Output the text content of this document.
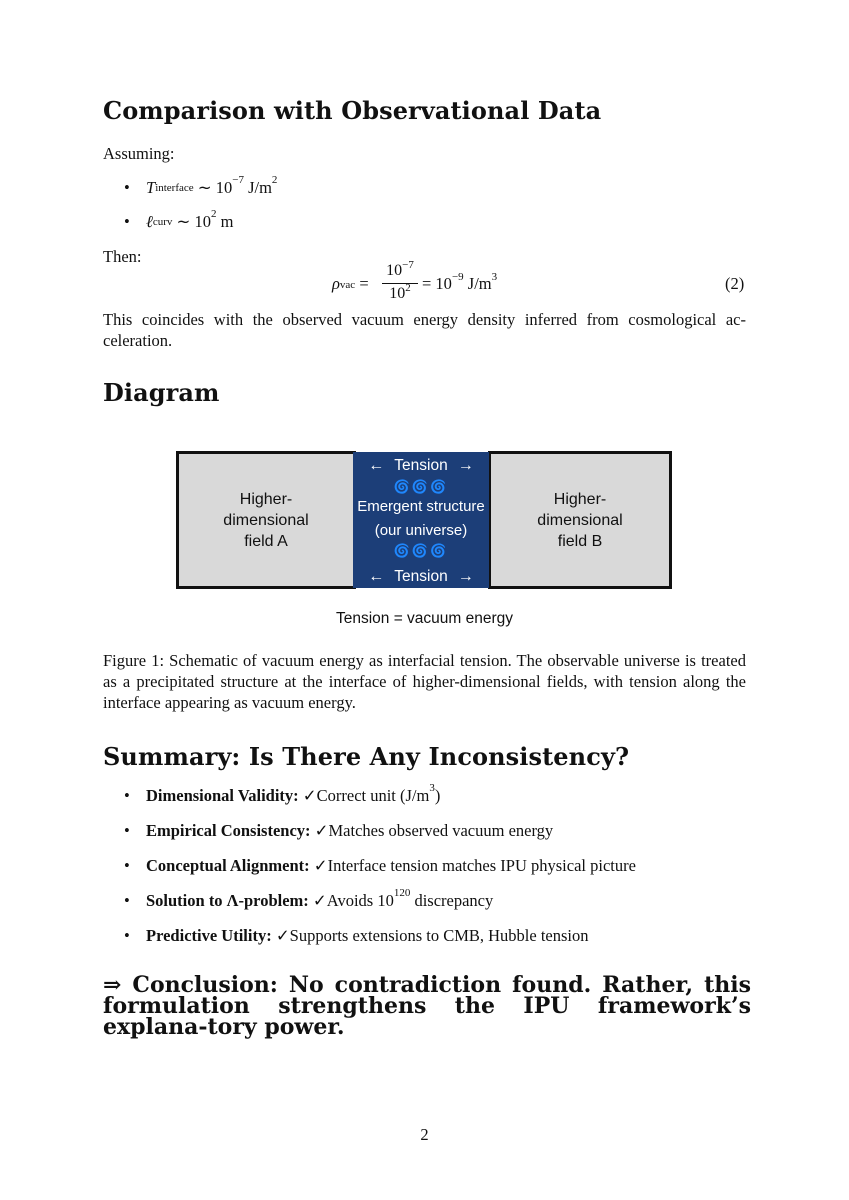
Comparison with Observational Data

Assuming:

• $T_{interface}$ ∼ $10^{-7}$ $J/m^2$
• ℓ$_{curv}$ ∼ $10^2$ m

Then:

$\rho_{vac}$ =
$10^{-7}$
$10^2 = 10^{-9}$ $J/m^3$	(2)

This coincides with the observed vacuum energy density inferred from cosmological ac-celeration.

Diagram
Higher-
dimensional
field A
Higher-
dimensional
field B
← Tension →
🌀🌀🌀
Emergent structure
(our universe)
🌀🌀🌀
← Tension →
Tension = vacuum energy

Figure 1: Schematic of vacuum energy as interfacial tension. The observable universe is treated as a precipitated structure at the interface of higher-dimensional fields, with tension along the interface appearing as vacuum energy.

Summary: Is There Any Inconsistency?
• Dimensional Validity: ✓Correct unit $(J/m^3)$
• Empirical Consistency: ✓Matches observed vacuum energy
• Conceptual Alignment: ✓Interface tension matches IPU physical picture
• Solution to Λ-problem: ✓Avoids $10^{120}$ discrepancy
• Predictive Utility: ✓Supports extensions to CMB, Hubble tension

⇒ Conclusion: No contradiction found. Rather, this formulation strengthens the IPU framework’s explana-tory power.

2
